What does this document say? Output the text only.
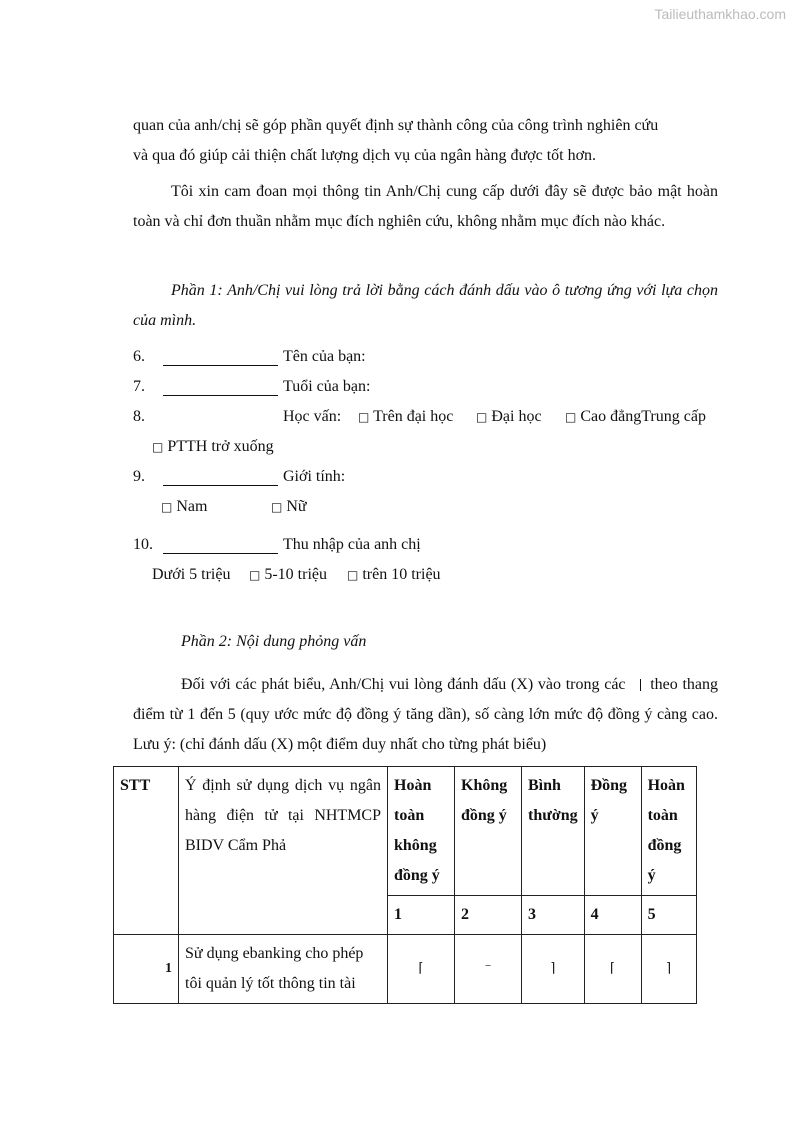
Tailieuthamkhao.com

quan của anh/chị sẽ góp phần quyết định sự thành công của công trình nghiên cứu

và qua đó giúp cải thiện chất lượng dịch vụ của ngân hàng được tốt hơn.

Tôi xin cam đoan mọi thông tin Anh/Chị cung cấp dưới đây sẽ được bảo mật hoàn toàn và chỉ đơn thuần nhằm mục đích nghiên cứu, không nhằm mục đích nào khác.

Phần 1: Anh/Chị vui lòng trả lời bằng cách đánh dấu vào ô tương ứng với lựa chọn của mình.

6.	Tên của bạn:
7.	Tuổi của bạn:
8.	Học vấn: □ Trên đại học □ Đại học □ Cao đẳngTrung cấp
□ PTTH trở xuống
9.	Giới tính:
□ Nam	□ Nữ
10.	Thu nhập của anh chị
Dưới 5 triệu □ 5-10 triệu □ trên 10 triệu
Phần 2: Nội dung phỏng vấn

Đối với các phát biểu, Anh/Chị vui lòng đánh dấu (X) vào trong các theo thang điểm từ 1 đến 5 (quy ước mức độ đồng ý tăng dần), số càng lớn mức độ đồng ý càng cao. Lưu ý: (chỉ đánh dấu (X) một điểm duy nhất cho từng phát biểu)

STT	Ý định sử dụng dịch vụ ngân hàng điện tử tại NHTMCP BIDV Cẩm Phả	Hoàn toàn không đồng ý	Không đồng ý	Bình thường	Đồng ý	Hoàn toàn đồng ý
		1	2	3	4	5
1	Sử dụng ebanking cho phép tôi quản lý tốt thông tin tài	⌈	⁻	⌉	⌈	⌉
